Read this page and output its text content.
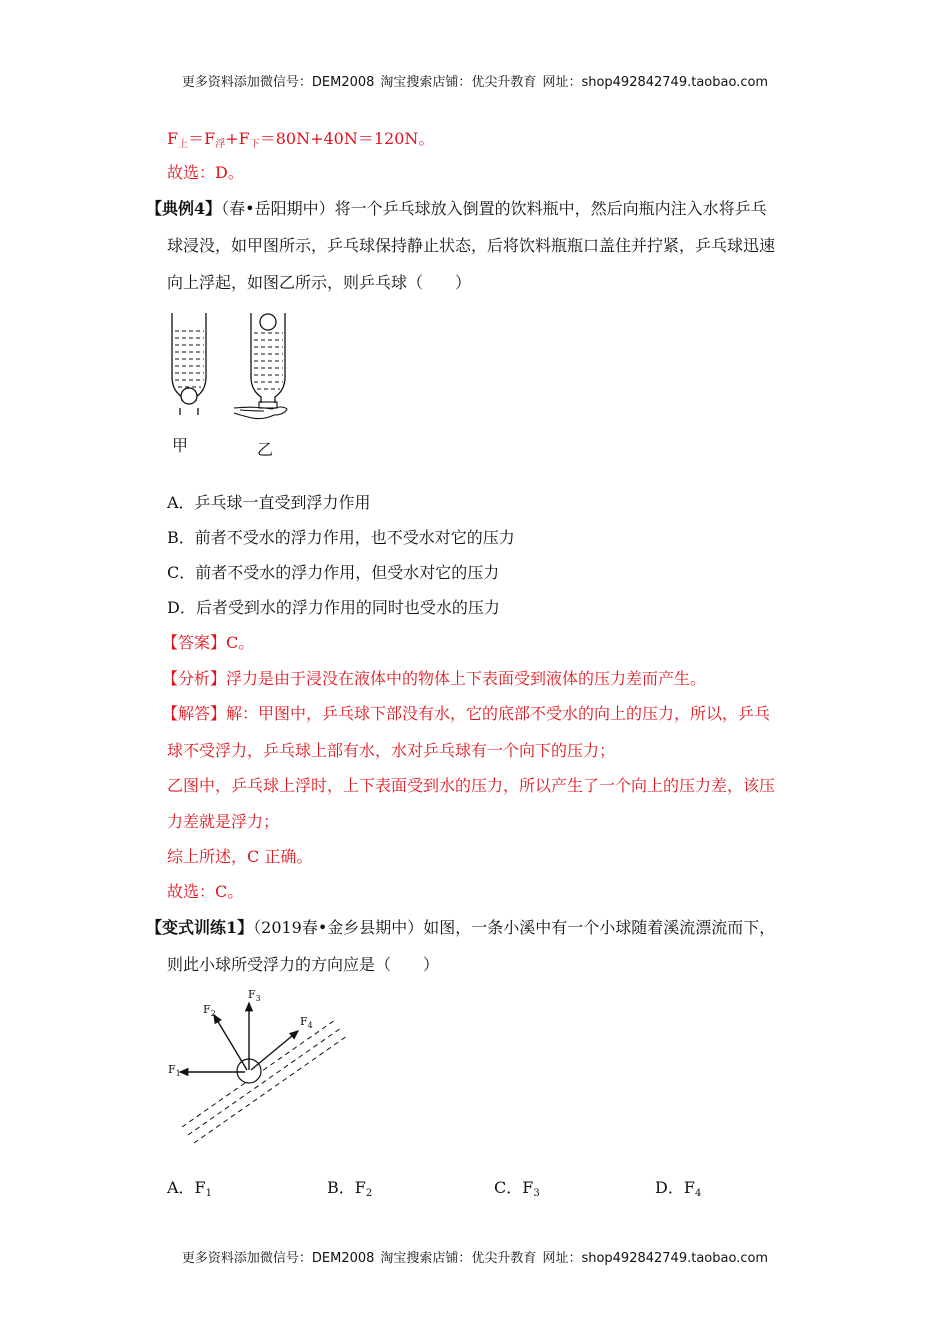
更多资料添加微信号：DEM2008 淘宝搜索店铺：优尖升教育 网址：shop492842749.taobao.com
$F_上=F_浮+F_下=80N+40N=120N$。
故选：D。
【典例4】（春•岳阳期中）将一个乒乓球放入倒置的饮料瓶中，然后向瓶内注入水将乒乓
球浸没，如甲图所示，乒乓球保持静止状态，后将饮料瓶瓶口盖住并拧紧，乒乓球迅速
向上浮起，如图乙所示，则乒乓球（　　）
甲	乙
A．乒乓球一直受到浮力作用
B．前者不受水的浮力作用，也不受水对它的压力
C．前者不受水的浮力作用，但受水对它的压力
D．后者受到水的浮力作用的同时也受水的压力
【答案】C。
【分析】浮力是由于浸没在液体中的物体上下表面受到液体的压力差而产生。
【解答】解：甲图中，乒乓球下部没有水，它的底部不受水的向上的压力，所以，乒乓
球不受浮力，乒乓球上部有水，水对乒乓球有一个向下的压力；
乙图中，乒乓球上浮时，上下表面受到水的压力，所以产生了一个向上的压力差，该压
力差就是浮力；
综上所述，C 正确。
故选：C。
【变式训练1】（2019春•金乡县期中）如图，一条小溪中有一个小球随着溪流漂流而下，
则此小球所受浮力的方向应是（　　）
$F_1$
$F_2$
$F_3$
$F_4$
A．$F_1$	B．$F_2$	C．$F_3$	D．$F_4$
更多资料添加微信号：DEM2008 淘宝搜索店铺：优尖升教育 网址：shop492842749.taobao.com
